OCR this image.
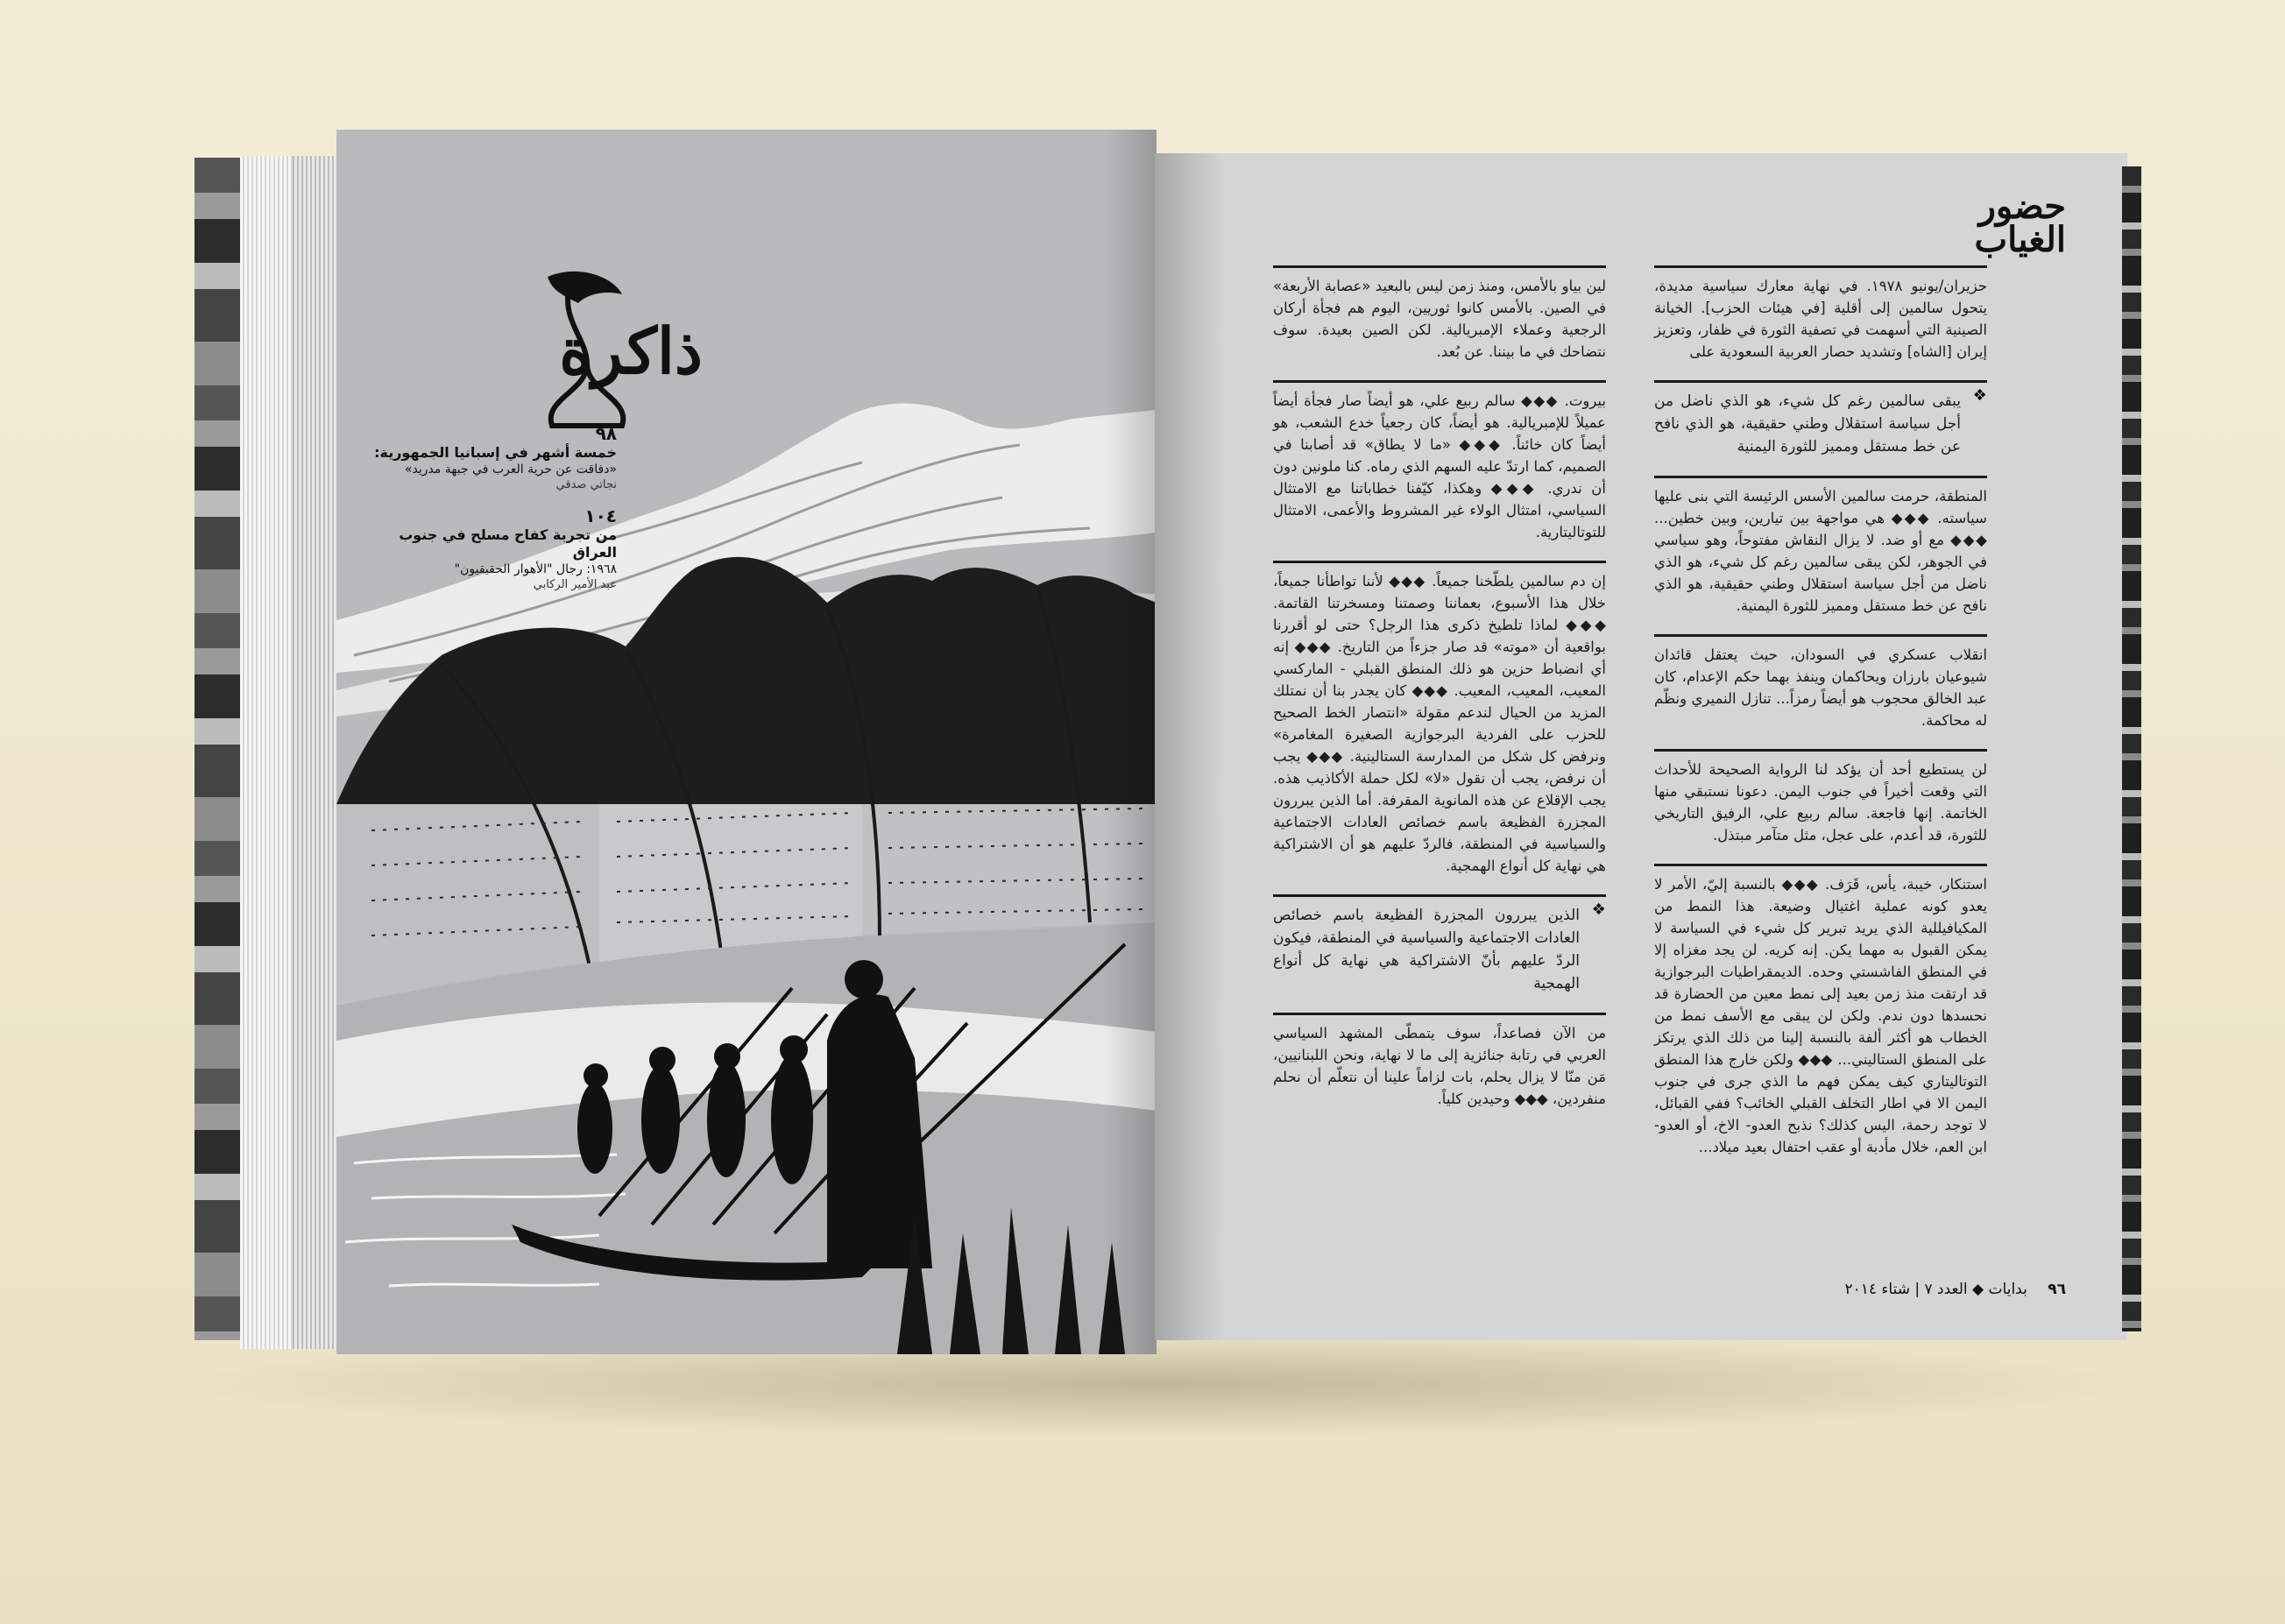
ذاكرة
٩٨
خمسة أشهر في إسبانيا الجمهورية:
«دفاقت عن حرية العرب في جبهة مدريد»
نجاتي صدقي
١٠٤
من تجربة كفاح مسلح في جنوب العراق
١٩٦٨: رجال "الأهوار الحقيقيون"
عبد الأمير الركابي
حضور
الغياب

حزيران/يونيو ١٩٧٨. في نهاية معارك سياسية مديدة، يتحول سالمين إلى أقلية [في هيئات الحزب]. الخيانة الصينية التي أسهمت في تصفية الثورة في ظفار، وتعزيز إيران [الشاه] وتشديد حصار العربية السعودية على

❖ يبقى سالمين رغم كل شيء، هو الذي ناضل من أجل سياسة استقلال وطني حقيقية، هو الذي نافح عن خط مستقل ومميز للثورة اليمنية

المنطقة، حرمت سالمين الأسس الرئيسة التي بنى عليها سياسته. ◆◆◆ هي مواجهة بين تيارين، وبين خطين... ◆◆◆ مع أو ضد. لا يزال النقاش مفتوحاً، وهو سياسي في الجوهر، لكن يبقى سالمين رغم كل شيء، هو الذي ناضل من أجل سياسة استقلال وطني حقيقية، هو الذي نافح عن خط مستقل ومميز للثورة اليمنية.

انقلاب عسكري في السودان، حيث يعتقل قائدان شيوعيان بارزان ويحاكمان وينفذ بهما حكم الإعدام، كان عبد الخالق محجوب هو أيضاً رمزاً... تنازل النميري ونظّم له محاكمة.

لن يستطيع أحد أن يؤكد لنا الرواية الصحيحة للأحداث التي وقعت أخيراً في جنوب اليمن. دعونا نستبقي منها الخاتمة. إنها فاجعة. سالم ربيع علي، الرفيق التاريخي للثورة، قد أعدم، على عجل، مثل متآمر مبتذل.

استنكار، خيبة، يأس، قَرَف. ◆◆◆ بالنسبة إليّ، الأمر لا يعدو كونه عملية اغتيال وضيعة. هذا النمط من المكيافيللية الذي يريد تبرير كل شيء في السياسة لا يمكن القبول به مهما يكن. إنه كريه. لن يجد مغزاه إلا في المنطق الفاشستي وحده. الديمقراطيات البرجوازية قد ارتقت منذ زمن بعيد إلى نمط معين من الحضارة قد نحسدها دون ندم. ولكن لن يبقى مع الأسف نمط من الخطاب هو أكثر ألفة بالنسبة إلينا من ذلك الذي يرتكز على المنطق الستاليني... ◆◆◆ ولكن خارج هذا المنطق التوتاليتاري كيف يمكن فهم ما الذي جرى في جنوب اليمن الا في اطار التخلف القبلي الخائب؟ ففي القبائل، لا توجد رحمة، اليس كذلك؟ نذبح العدو- الاخ، أو العدو- ابن العم، خلال مأدبة أو عقب احتفال بعيد ميلاد...

لين بياو بالأمس، ومنذ زمن ليس بالبعيد «عصابة الأربعة» في الصين. بالأمس كانوا ثوريين، اليوم هم فجأة أركان الرجعية وعملاء الإمبريالية. لكن الصين بعيدة. سوف نتضاحك في ما بيننا. عن بُعد.

بيروت. ◆◆◆ سالم ربيع علي، هو أيضاً صار فجأة أيضاً عميلاً للإمبريالية. هو أيضاً، كان رجعياً خدع الشعب، هو أيضاً كان خائناً. ◆◆◆ «ما لا يطاق» قد أصابنا في الصميم، كما ارتدّ عليه السهم الذي رماه. كنا ملونين دون أن ندري. ◆◆◆ وهكذا، كيّفنا خطاباتنا مع الامتثال السياسي، امتثال الولاء غير المشروط والأعمى، الامتثال للتوتاليتارية.

إن دم سالمين يلطّخنا جميعاً. ◆◆◆ لأننا تواطأنا جميعاً، خلال هذا الأسبوع، بعماننا وصمتنا ومسخرتنا القاتمة. ◆◆◆ لماذا تلطيخ ذكرى هذا الرجل؟ حتى لو أقررنا بواقعية أن «موته» قد صار جزءاً من التاريخ. ◆◆◆ إنه أي انضباط حزين هو ذلك المنطق القبلي - الماركسي المعيب، المعيب، المعيب. ◆◆◆ كان يجدر بنا أن نمتلك المزيد من الحيال لندعم مقولة «انتصار الخط الصحيح للحزب على الفردية البرجوازية الصغيرة المغامرة» ونرفض كل شكل من المدارسة الستالينية. ◆◆◆ يجب أن نرفض، يجب أن نقول «لا» لكل حملة الأكاذيب هذه. يجب الإقلاع عن هذه المانوية المقرفة. أما الذين يبررون المجزرة الفظيعة باسم خصائص العادات الاجتماعية والسياسية في المنطقة، فالردّ عليهم هو أن الاشتراكية هي نهاية كل أنواع الهمجية.

❖ الذين يبررون المجزرة الفظيعة باسم خصائص العادات الاجتماعية والسياسية في المنطقة، فيكون الردّ عليهم بأنّ الاشتراكية هي نهاية كل أنواع الهمجية

من الآن فصاعداً، سوف يتمطّى المشهد السياسي العربي في رتابة جنائزية إلى ما لا نهاية، ونحن اللبنانيين، مَن منّا لا يزال يحلم، بات لزاماً علينا أن نتعلّم أن نحلم منفردين، ◆◆◆ وحيدين كلياً.

٩٦ بدايات ◆ العدد ٧ | شتاء ٢٠١٤
